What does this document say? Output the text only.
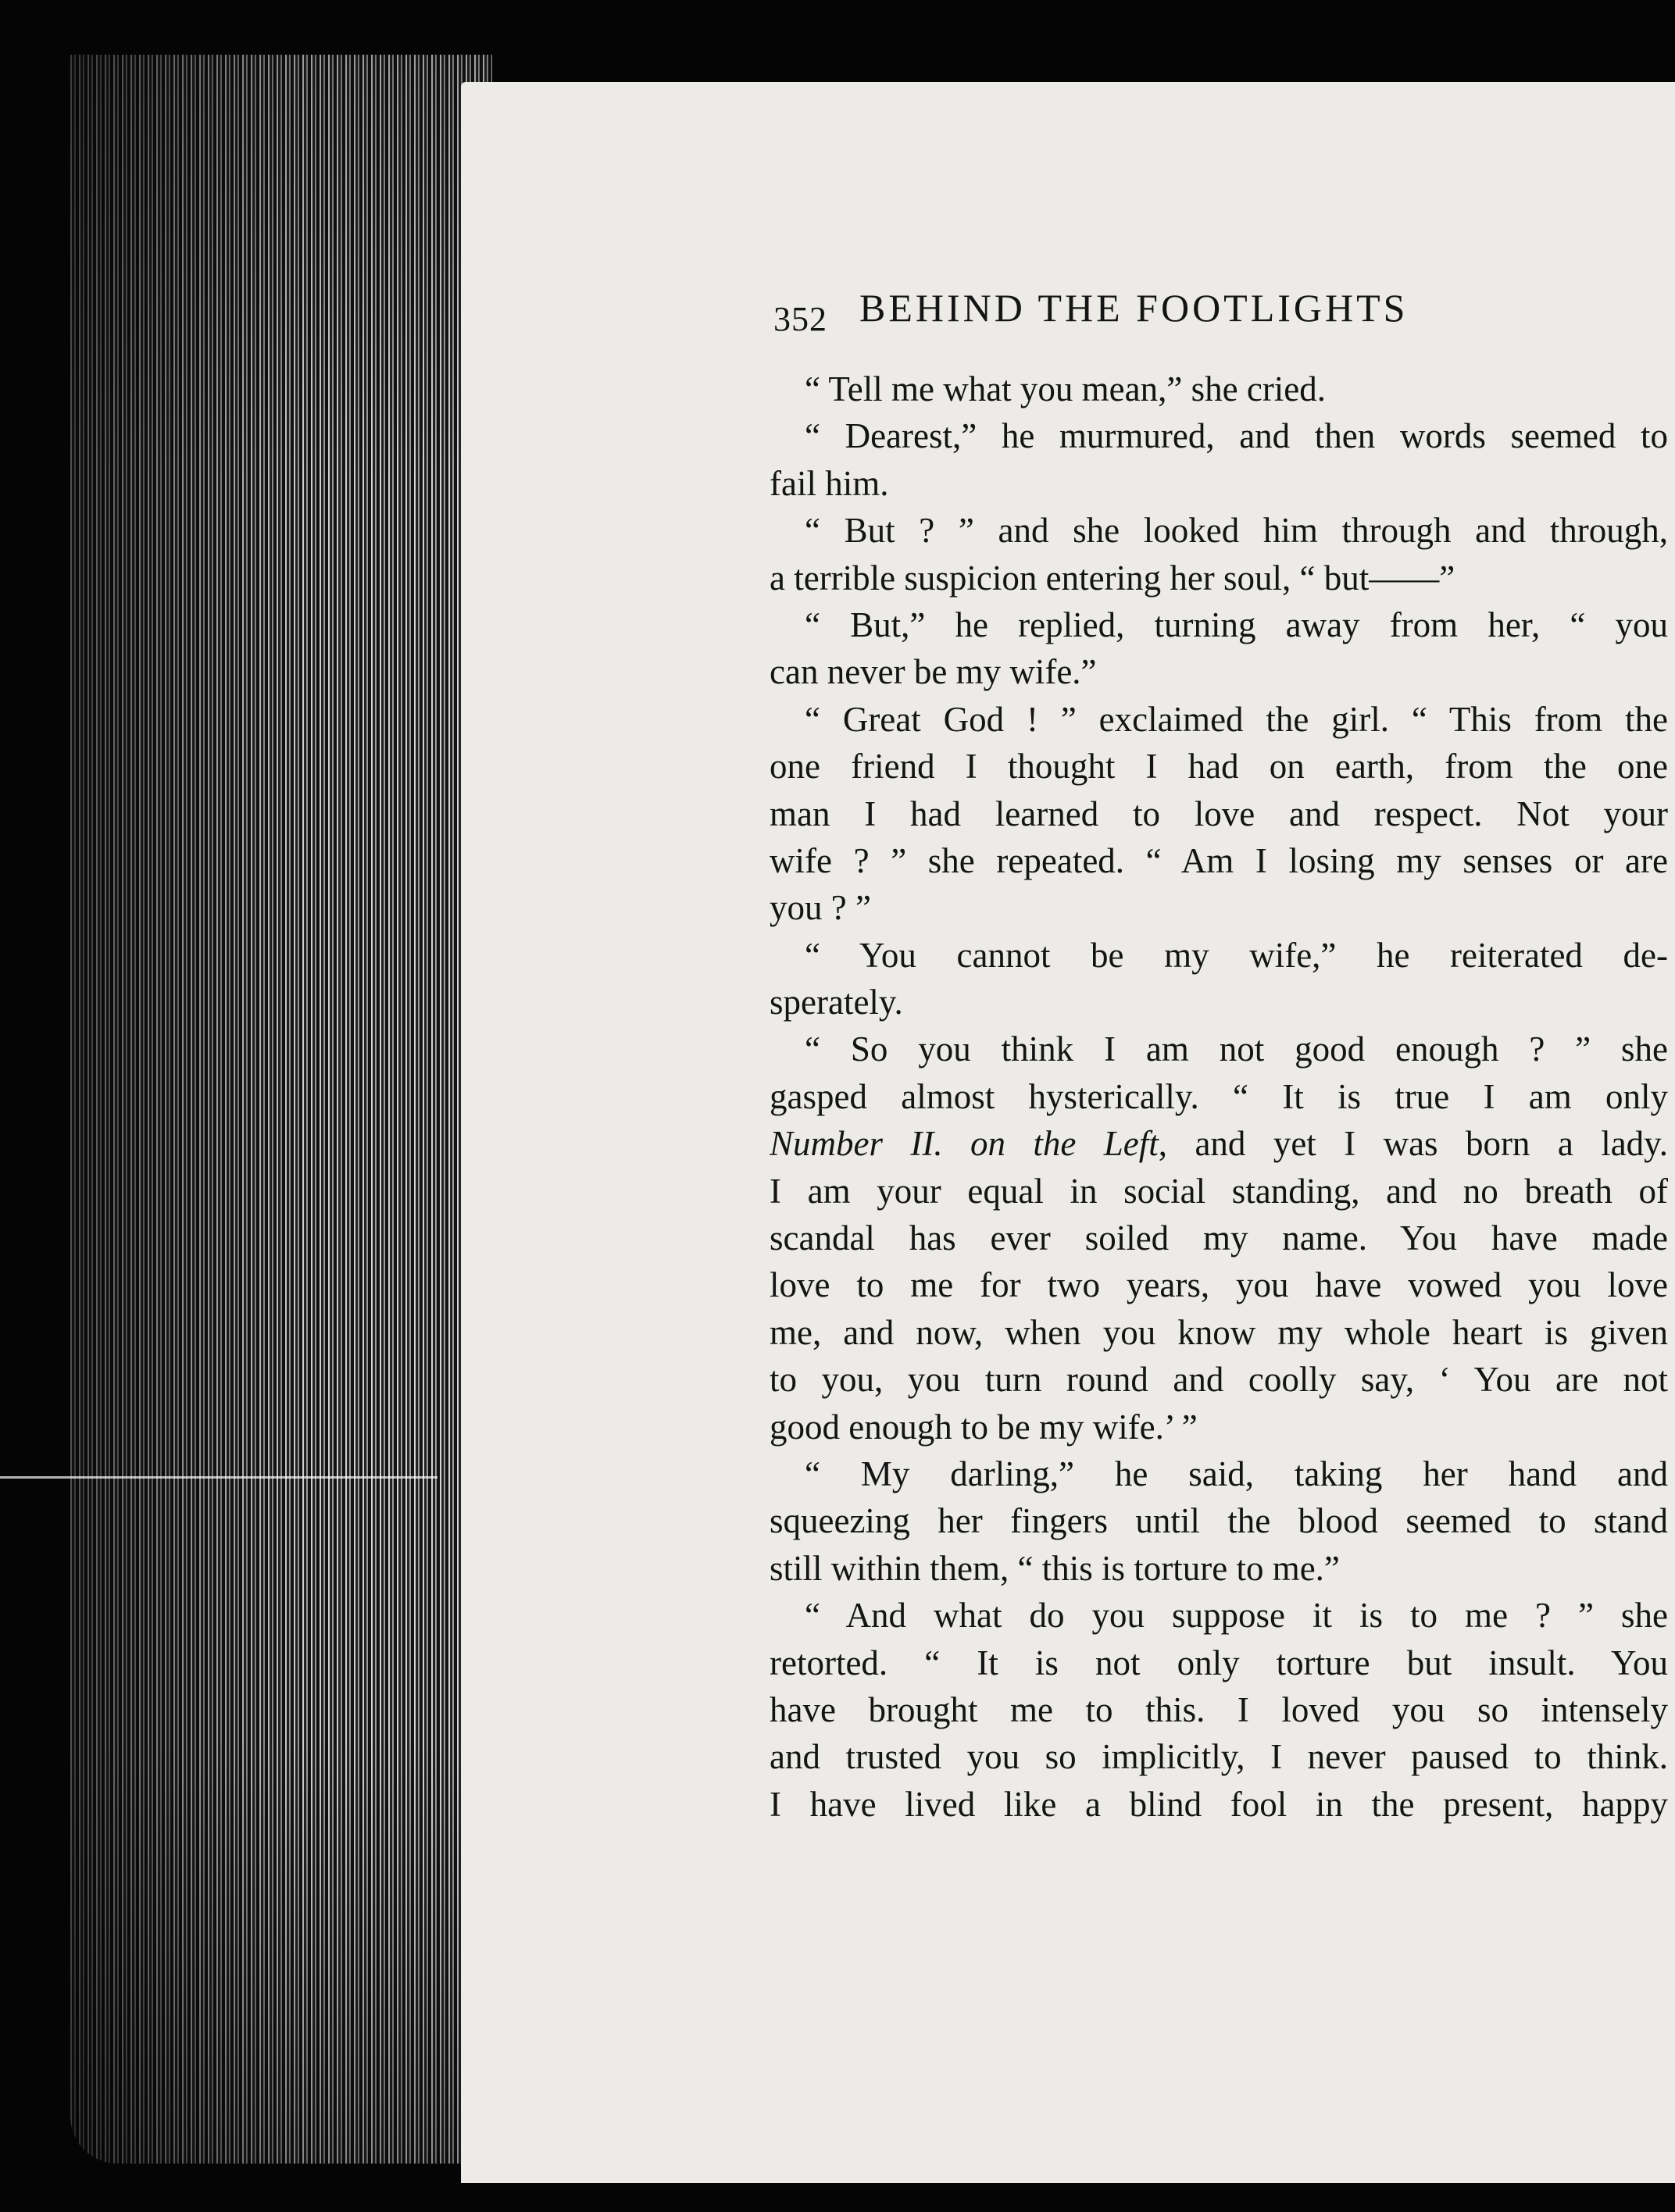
352 BEHIND THE FOOTLIGHTS
“ Tell me what you mean,” she cried.
“ Dearest,” he murmured, and then words seemed to
fail him.
“ But ? ” and she looked him through and through,
a terrible suspicion entering her soul, “ but——”
“ But,” he replied, turning away from her, “ you
can never be my wife.”
“ Great God ! ” exclaimed the girl. “ This from the
one friend I thought I had on earth, from the one
man I had learned to love and respect. Not your
wife ? ” she repeated. “ Am I losing my senses or are
you ? ”
“ You cannot be my wife,” he reiterated de-
sperately.
“ So you think I am not good enough ? ” she
gasped almost hysterically. “ It is true I am only
Number II. on the Left, and yet I was born a lady.
I am your equal in social standing, and no breath of
scandal has ever soiled my name. You have made
love to me for two years, you have vowed you love
me, and now, when you know my whole heart is given
to you, you turn round and coolly say, ‘ You are not
good enough to be my wife.’ ”
“ My darling,” he said, taking her hand and
squeezing her fingers until the blood seemed to stand
still within them, “ this is torture to me.”
“ And what do you suppose it is to me ? ” she
retorted. “ It is not only torture but insult. You
have brought me to this. I loved you so intensely
and trusted you so implicitly, I never paused to think.
I have lived like a blind fool in the present, happy
